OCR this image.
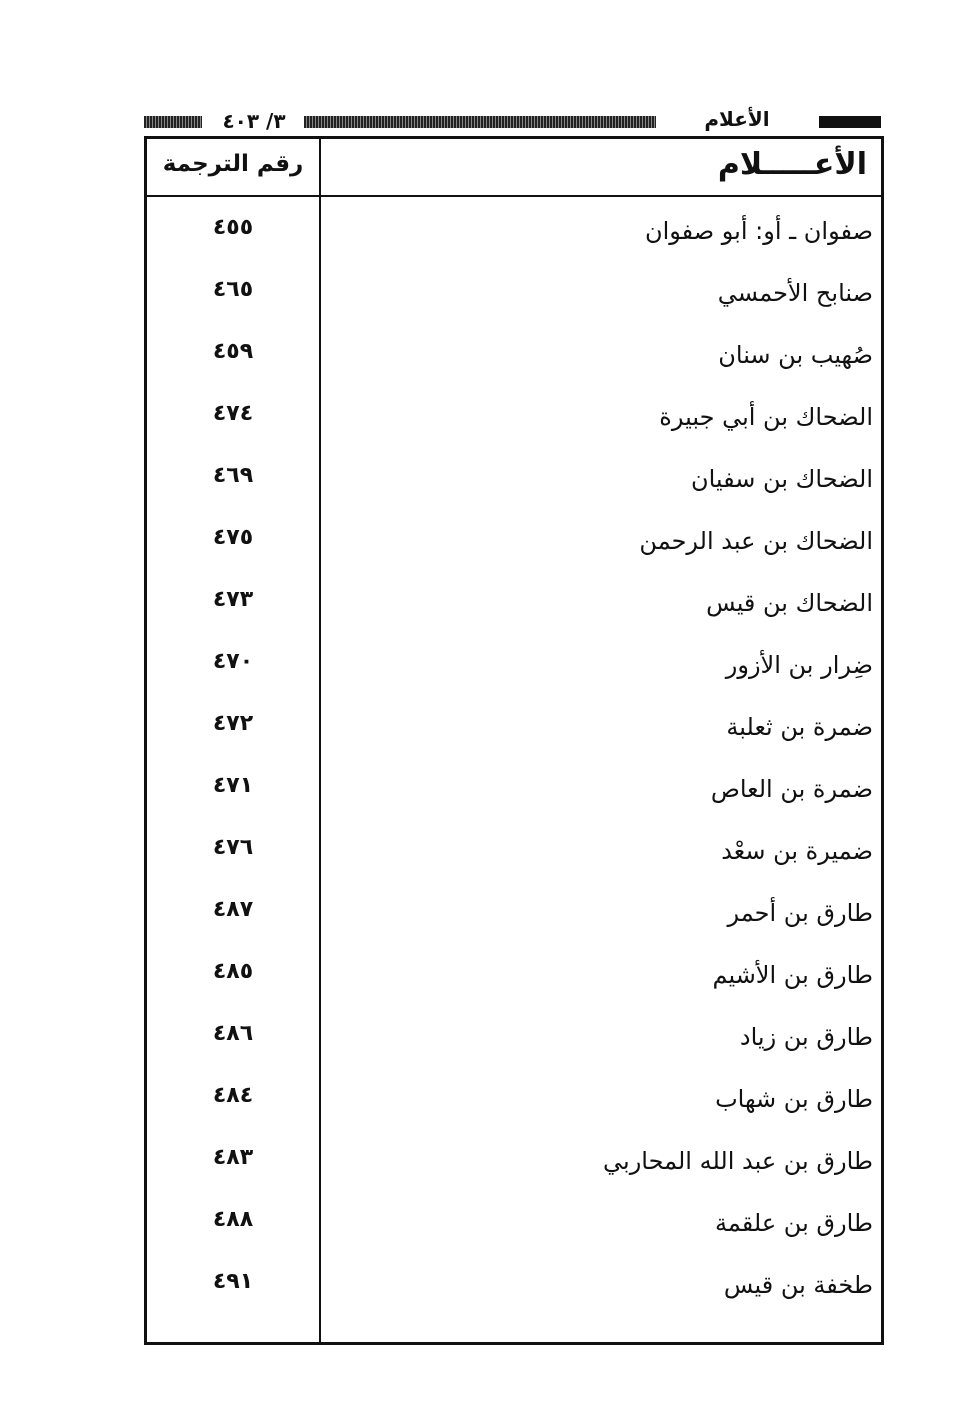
٣/ ٤٠٣	الأعلام
الأعـــــلام
رقم الترجمة
صفوان ـ أو: أبو صفوان
٤٥٥
صنابح الأحمسي
٤٦٥
صُهيب بن سنان
٤٥٩
الضحاك بن أبي جبيرة
٤٧٤
الضحاك بن سفيان
٤٦٩
الضحاك بن عبد الرحمن
٤٧٥
الضحاك بن قيس
٤٧٣
ضِرار بن الأزور
٤٧٠
ضمرة بن ثعلبة
٤٧٢
ضمرة بن العاص
٤٧١
ضميرة بن سعْد
٤٧٦
طارق بن أحمر
٤٨٧
طارق بن الأشيم
٤٨٥
طارق بن زياد
٤٨٦
طارق بن شهاب
٤٨٤
طارق بن عبد الله المحاربي
٤٨٣
طارق بن علقمة
٤٨٨
طخفة بن قيس
٤٩١
